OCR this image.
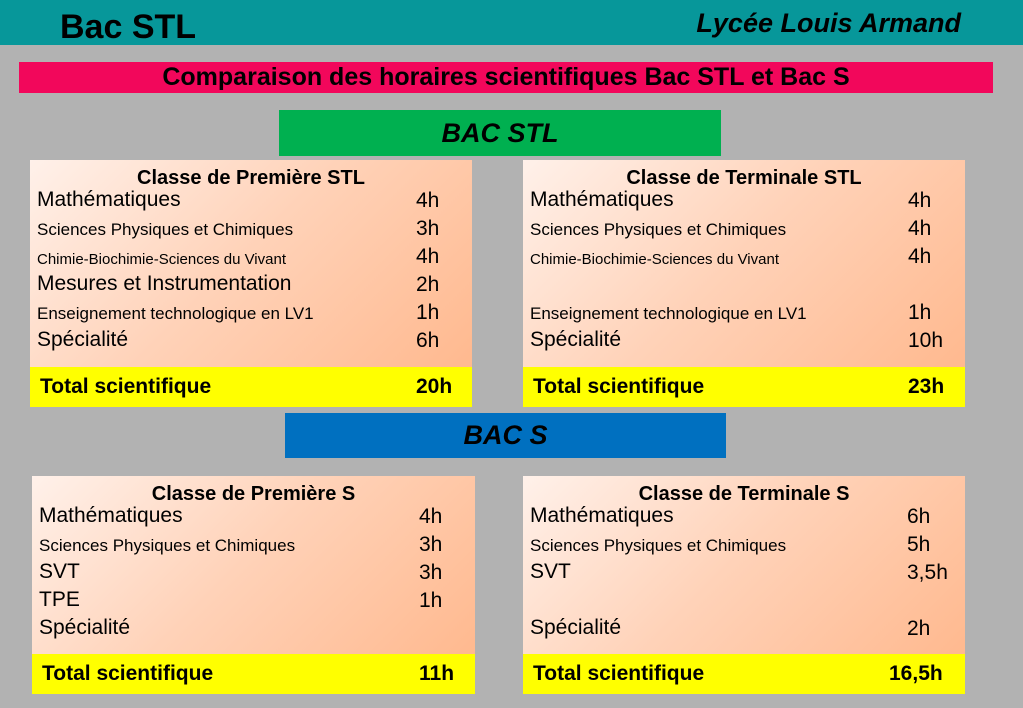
Bac STL	Lycée Louis Armand
Comparaison des horaires scientifiques Bac STL et Bac S
BAC STL
Classe de Première STL
Mathématiques	4h
Sciences Physiques et Chimiques	3h
Chimie-Biochimie-Sciences du Vivant	4h
Mesures et Instrumentation	2h
Enseignement technologique en LV1	1h
Spécialité	6h
Total scientifique	20h
Classe de Terminale STL
Mathématiques	4h
Sciences Physiques et Chimiques	4h
Chimie-Biochimie-Sciences du Vivant	4h
Enseignement technologique en LV1	1h
Spécialité	10h
Total scientifique	23h
BAC S
Classe de Première S
Mathématiques	4h
Sciences Physiques et Chimiques	3h
SVT	3h
TPE	1h
Spécialité
Total scientifique	11h
Classe de Terminale S
Mathématiques	6h
Sciences Physiques et Chimiques	5h
SVT	3,5h
Spécialité	2h
Total scientifique	16,5h
